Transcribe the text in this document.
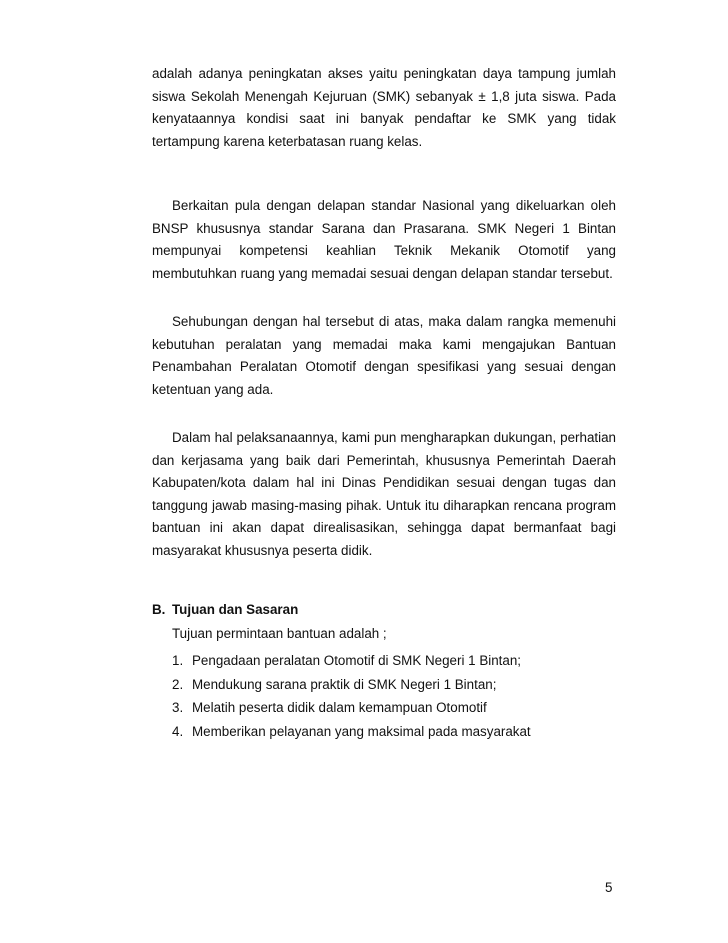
adalah adanya peningkatan akses yaitu peningkatan daya tampung jumlah siswa Sekolah Menengah Kejuruan (SMK) sebanyak ± 1,8 juta siswa. Pada kenyataannya kondisi saat ini banyak pendaftar ke SMK yang tidak tertampung karena keterbatasan ruang kelas.

Berkaitan pula dengan delapan standar Nasional yang dikeluarkan oleh BNSP khususnya standar Sarana dan Prasarana. SMK Negeri 1 Bintan mempunyai kompetensi keahlian Teknik Mekanik Otomotif yang membutuhkan ruang yang memadai sesuai dengan delapan standar tersebut.

Sehubungan dengan hal tersebut di atas, maka dalam rangka memenuhi kebutuhan peralatan yang memadai maka kami mengajukan Bantuan Penambahan Peralatan Otomotif dengan spesifikasi yang sesuai dengan ketentuan yang ada.

Dalam hal pelaksanaannya, kami pun mengharapkan dukungan, perhatian dan kerjasama yang baik dari Pemerintah, khususnya Pemerintah Daerah Kabupaten/kota dalam hal ini Dinas Pendidikan sesuai dengan tugas dan tanggung jawab masing-masing pihak. Untuk itu diharapkan rencana program bantuan ini akan dapat direalisasikan, sehingga dapat bermanfaat bagi masyarakat khususnya peserta didik.

B. Tujuan dan Sasaran
Tujuan permintaan bantuan adalah ;
1. Pengadaan peralatan Otomotif di SMK Negeri 1 Bintan;
2. Mendukung sarana praktik di SMK Negeri 1 Bintan;
3. Melatih peserta didik dalam kemampuan Otomotif
4. Memberikan pelayanan yang maksimal pada masyarakat
5
